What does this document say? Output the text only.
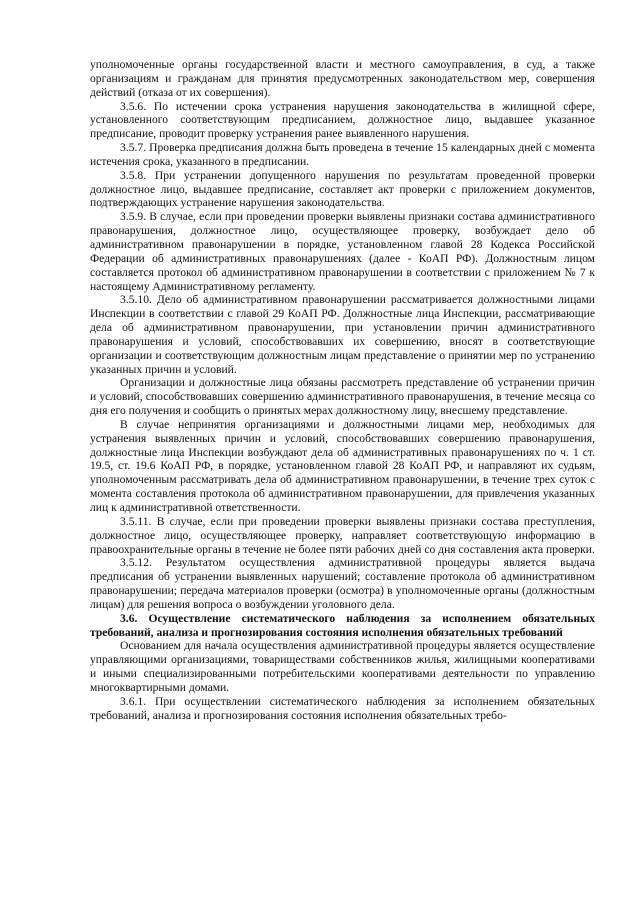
уполномоченные органы государственной власти и местного самоуправления, в суд, а также организациям и гражданам для принятия предусмотренных законодательством мер, совершения действий (отказа от их совершения).

3.5.6. По истечении срока устранения нарушения законодательства в жилищной сфере, установленного соответствующим предписанием, должностное лицо, выдавшее указанное предписание, проводит проверку устранения ранее выявленного нарушения.

3.5.7. Проверка предписания должна быть проведена в течение 15 календарных дней с момента истечения срока, указанного в предписании.

3.5.8. При устранении допущенного нарушения по результатам проведенной проверки должностное лицо, выдавшее предписание, составляет акт проверки с приложением документов, подтверждающих устранение нарушения законодательства.

3.5.9. В случае, если при проведении проверки выявлены признаки состава административного правонарушения, должностное лицо, осуществляющее проверку, возбуждает дело об административном правонарушении в порядке, установленном главой 28 Кодекса Российской Федерации об административных правонарушениях (далее - КоАП РФ). Должностным лицом составляется протокол об административном правонарушении в соответствии с приложением № 7 к настоящему Административному регламенту.

3.5.10. Дело об административном правонарушении рассматривается должностными лицами Инспекции в соответствии с главой 29 КоАП РФ. Должностные лица Инспекции, рассматривающие дела об административном правонарушении, при установлении причин административного правонарушения и условий, способствовавших их совершению, вносят в соответствующие организации и соответствующим должностным лицам представление о принятии мер по устранению указанных причин и условий.

Организации и должностные лица обязаны рассмотреть представление об устранении причин и условий, способствовавших совершению административного правонарушения, в течение месяца со дня его получения и сообщить о принятых мерах должностному лицу, внесшему представление.

В случае непринятия организациями и должностными лицами мер, необходимых для устранения выявленных причин и условий, способствовавших совершению правонарушения, должностные лица Инспекции возбуждают дела об административных правонарушениях по ч. 1 ст. 19.5, ст. 19.6 КоАП РФ, в порядке, установленном главой 28 КоАП РФ, и направляют их судьям, уполномоченным рассматривать дела об административном правонарушении, в течение трех суток с момента составления протокола об административном правонарушении, для привлечения указанных лиц к административной ответственности.

3.5.11. В случае, если при проведении проверки выявлены признаки состава преступления, должностное лицо, осуществляющее проверку, направляет соответствующую информацию в правоохранительные органы в течение не более пяти рабочих дней со дня составления акта проверки.

3.5.12. Результатом осуществления административной процедуры является выдача предписания об устранении выявленных нарушений; составление протокола об административном правонарушении; передача материалов проверки (осмотра) в уполномоченные органы (должностным лицам) для решения вопроса о возбуждении уголовного дела.

3.6. Осуществление систематического наблюдения за исполнением обязательных требований, анализа и прогнозирования состояния исполнения обязательных требований

Основанием для начала осуществления административной процедуры является осуществление управляющими организациями, товариществами собственников жилья, жилищными кооперативами и иными специализированными потребительскими кооперативами деятельности по управлению многоквартирными домами.

3.6.1. При осуществлении систематического наблюдения за исполнением обязательных требований, анализа и прогнозирования состояния исполнения обязательных требо-
